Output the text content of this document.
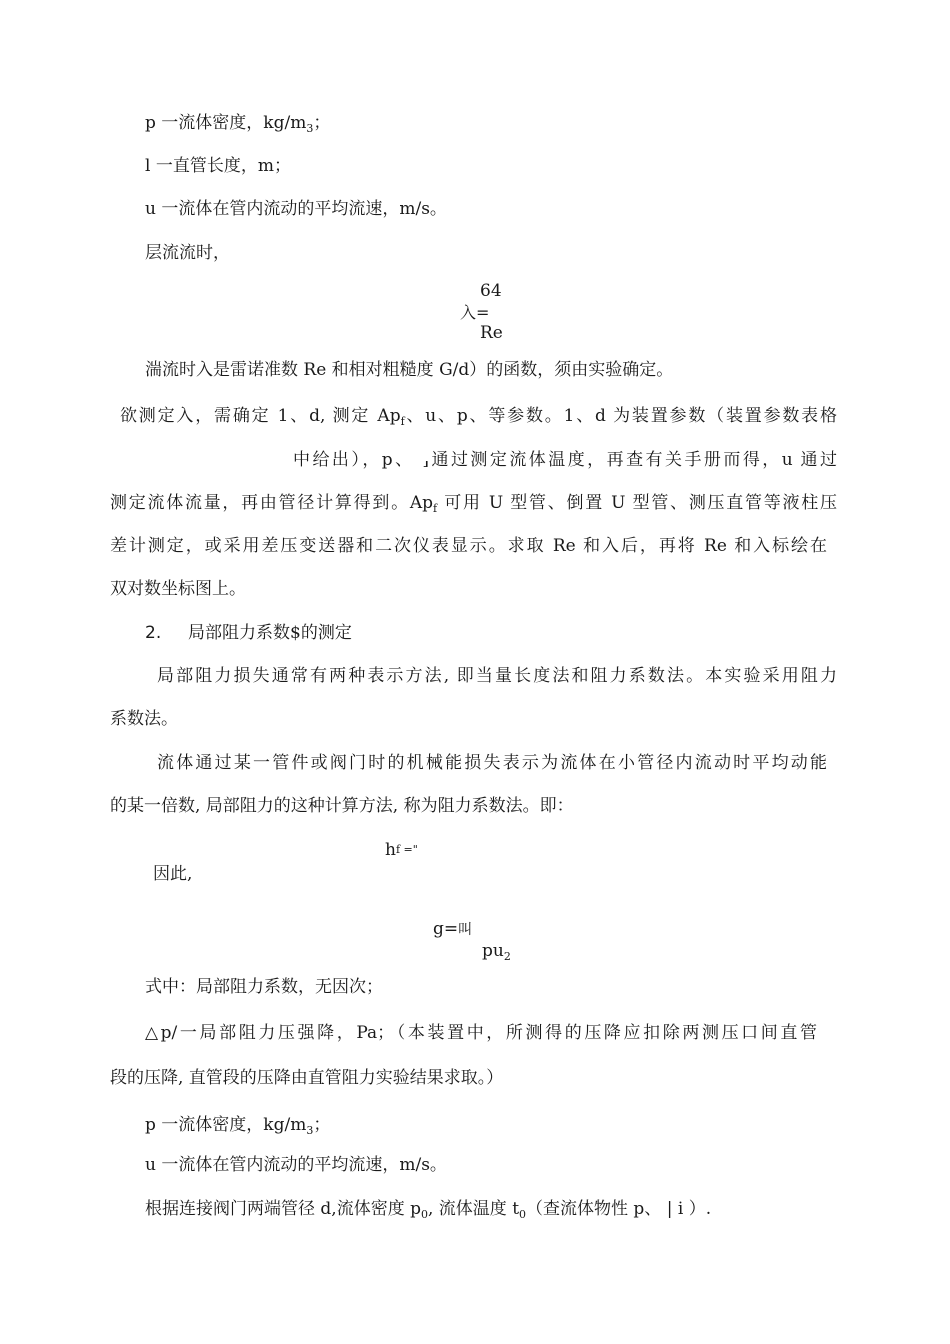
p 一流体密度，$kg/m_3$；
l 一直管长度，m；
u 一流体在管内流动的平均流速，m/s。
层流流时，
64
入=
Re
湍流时入是雷诺准数 Re 和相对粗糙度 G/d）的函数，须由实验确定。
欲测定入，需确定 1、d, 测定 $Ap_f$、u、p、等参数。1、d 为装置参数（装置参数表格
中给出），p、 ⸥通过测定流体温度，再查有关手册而得，u 通过
测定流体流量，再由管径计算得到。$Ap_f$ 可用 U 型管、倒置 U 型管、测压直管等液柱压
差计测定，或采用差压变送器和二次仪表显示。求取 Re 和入后，再将 Re 和入标绘在
双对数坐标图上。
2. 局部阻力系数$的测定
局部阻力损失通常有两种表示方法, 即当量长度法和阻力系数法。本实验采用阻力
系数法。
流体通过某一管件或阀门时的机械能损失表示为流体在小管径内流动时平均动能
的某一倍数, 局部阻力的这种计算方法, 称为阻力系数法。即：
hf ="
因此,
g=叫
$pu_2$
式中：局部阻力系数，无因次；
△p/一局部阻力压强降，Pa；（本装置中，所测得的压降应扣除两测压口间直管
段的压降, 直管段的压降由直管阻力实验结果求取。）
p 一流体密度，$kg/m_3$；
u 一流体在管内流动的平均流速，m/s。
根据连接阀门两端管径 d,流体密度 $p_0$, 流体温度 $t_0$（查流体物性 p、 | i ）.
